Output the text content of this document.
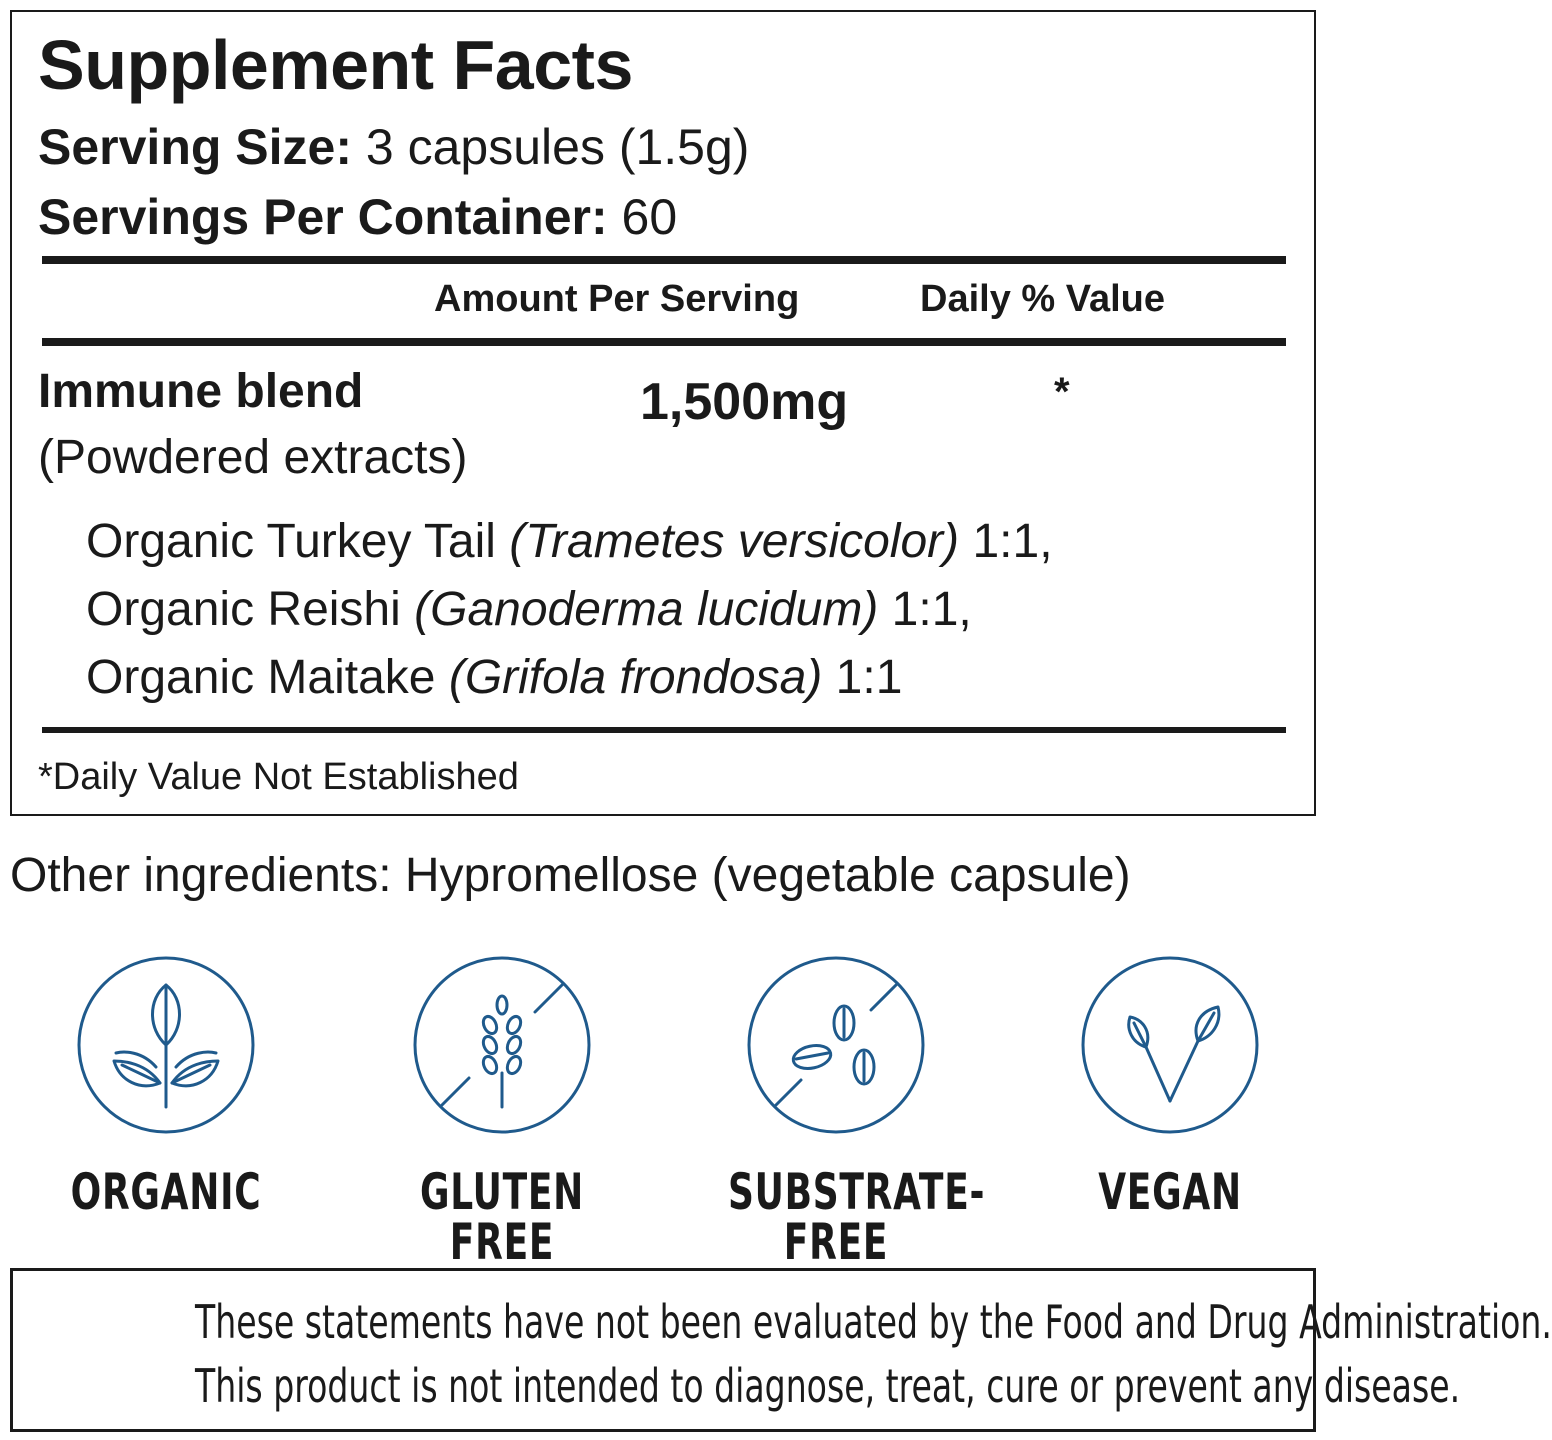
Supplement Facts
Serving Size: 3 capsules (1.5g)
Servings Per Container: 60
Amount Per Serving	Daily % Value
Immune blend	1,500mg	*
(Powdered extracts)
Organic Turkey Tail (Trametes versicolor) 1:1,
Organic Reishi (Ganoderma lucidum) 1:1,
Organic Maitake (Grifola frondosa) 1:1
*Daily Value Not Established
Other ingredients: Hypromellose (vegetable capsule)
ORGANIC	GLUTEN FREE
SUBSTRATE-FREE
VEGAN
These statements have not been evaluated by the Food and Drug Administration.
This product is not intended to diagnose, treat, cure or prevent any disease.
